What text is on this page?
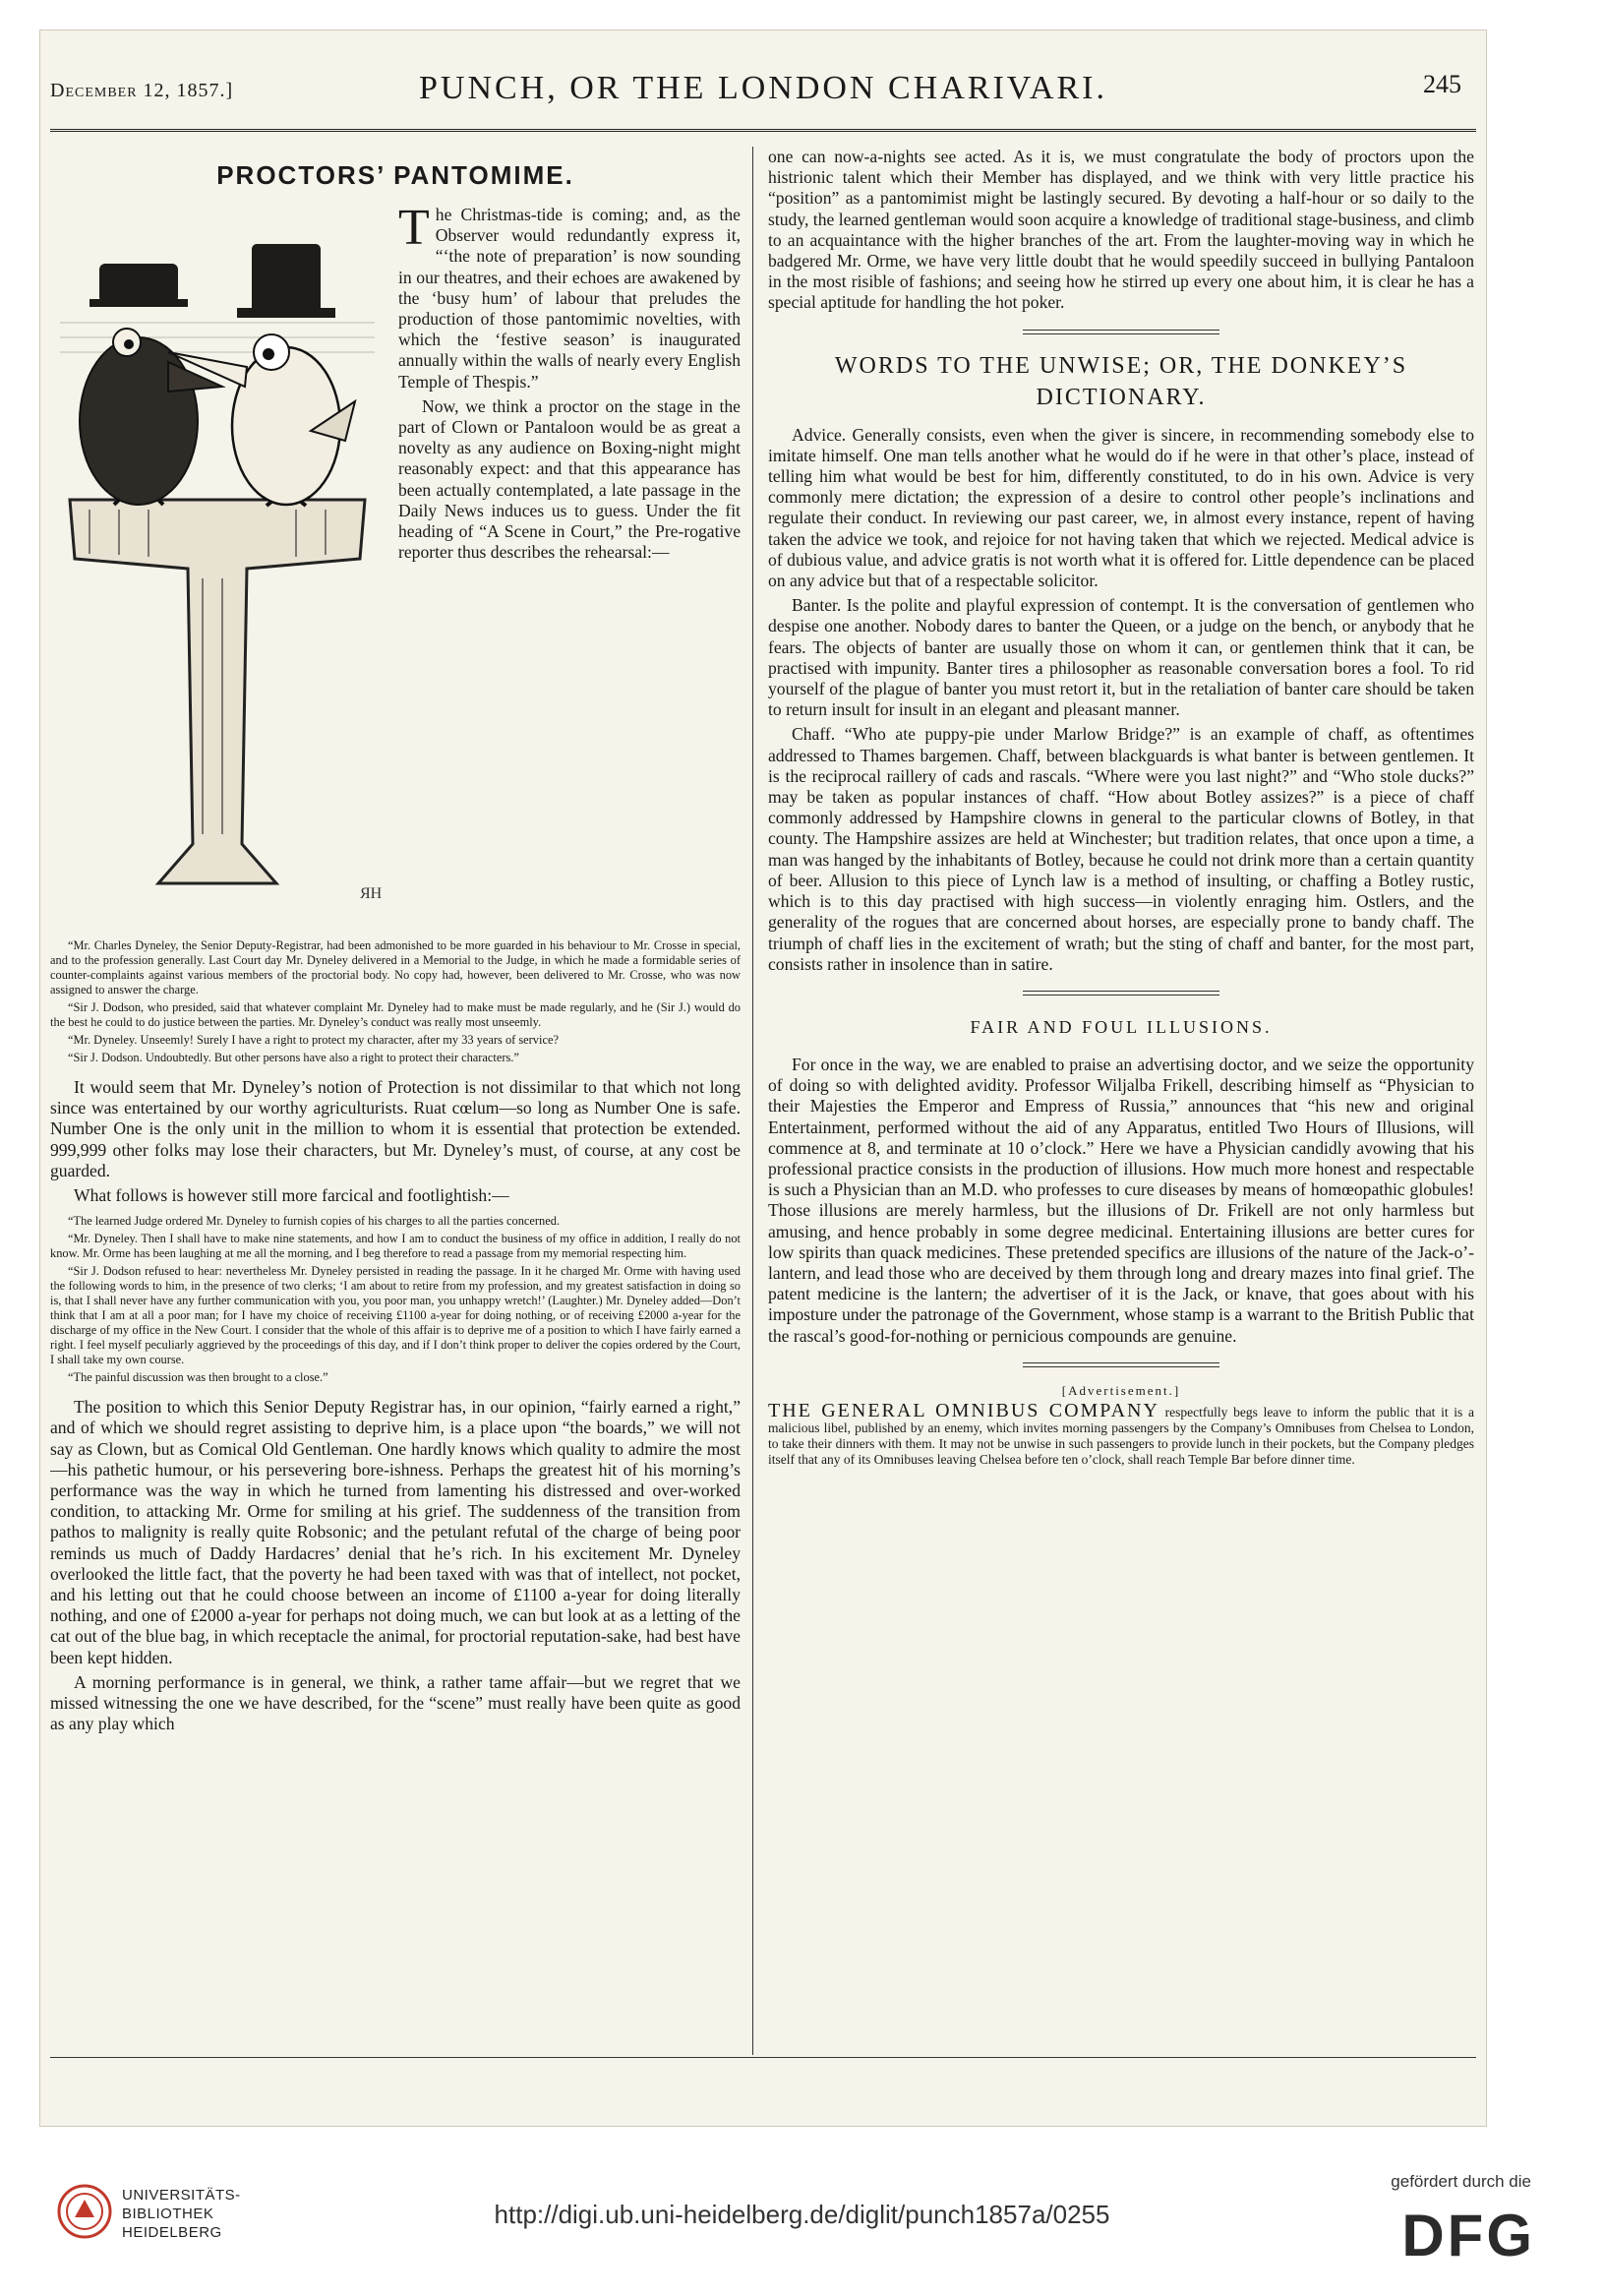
December 12, 1857.]	PUNCH, OR THE LONDON CHARIVARI.	245
PROCTORS’ PANTOMIME.
ЯH

The Christmas-tide is coming; and, as the Observer would redundantly express it, “‘the note of preparation’ is now sounding in our theatres, and their echoes are awakened by the ‘busy hum’ of labour that preludes the production of those pantomimic novelties, with which the ‘festive season’ is inaugurated annually within the walls of nearly every English Temple of Thespis.”

Now, we think a proctor on the stage in the part of Clown or Pantaloon would be as great a novelty as any audience on Boxing-night might reasonably expect: and that this appearance has been actually contemplated, a late passage in the Daily News induces us to guess. Under the fit heading of “A Scene in Court,” the Pre-rogative reporter thus describes the rehearsal:—

“Mr. Charles Dyneley, the Senior Deputy-Registrar, had been admonished to be more guarded in his behaviour to Mr. Crosse in special, and to the profession generally. Last Court day Mr. Dyneley delivered in a Memorial to the Judge, in which he made a formidable series of counter-complaints against various members of the proctorial body. No copy had, however, been delivered to Mr. Crosse, who was now assigned to answer the charge.

“Sir J. Dodson, who presided, said that whatever complaint Mr. Dyneley had to make must be made regularly, and he (Sir J.) would do the best he could to do justice between the parties. Mr. Dyneley’s conduct was really most unseemly.

“Mr. Dyneley. Unseemly! Surely I have a right to protect my character, after my 33 years of service?

“Sir J. Dodson. Undoubtedly. But other persons have also a right to protect their characters.”

It would seem that Mr. Dyneley’s notion of Protection is not dissimilar to that which not long since was entertained by our worthy agriculturists. Ruat cœlum—so long as Number One is safe. Number One is the only unit in the million to whom it is essential that protection be extended. 999,999 other folks may lose their characters, but Mr. Dyneley’s must, of course, at any cost be guarded.

What follows is however still more farcical and footlightish:—

“The learned Judge ordered Mr. Dyneley to furnish copies of his charges to all the parties concerned.

“Mr. Dyneley. Then I shall have to make nine statements, and how I am to conduct the business of my office in addition, I really do not know. Mr. Orme has been laughing at me all the morning, and I beg therefore to read a passage from my memorial respecting him.

“Sir J. Dodson refused to hear: nevertheless Mr. Dyneley persisted in reading the passage. In it he charged Mr. Orme with having used the following words to him, in the presence of two clerks; ‘I am about to retire from my profession, and my greatest satisfaction in doing so is, that I shall never have any further communication with you, you poor man, you unhappy wretch!’ (Laughter.) Mr. Dyneley added—Don’t think that I am at all a poor man; for I have my choice of receiving £1100 a-year for doing nothing, or of receiving £2000 a-year for the discharge of my office in the New Court. I consider that the whole of this affair is to deprive me of a position to which I have fairly earned a right. I feel myself peculiarly aggrieved by the proceedings of this day, and if I don’t think proper to deliver the copies ordered by the Court, I shall take my own course.

“The painful discussion was then brought to a close.”

The position to which this Senior Deputy Registrar has, in our opinion, “fairly earned a right,” and of which we should regret assisting to deprive him, is a place upon “the boards,” we will not say as Clown, but as Comical Old Gentleman. One hardly knows which quality to admire the most—his pathetic humour, or his persevering bore-ishness. Perhaps the greatest hit of his morning’s performance was the way in which he turned from lamenting his distressed and over-worked condition, to attacking Mr. Orme for smiling at his grief. The suddenness of the transition from pathos to malignity is really quite Robsonic; and the petulant refutal of the charge of being poor reminds us much of Daddy Hardacres’ denial that he’s rich. In his excitement Mr. Dyneley overlooked the little fact, that the poverty he had been taxed with was that of intellect, not pocket, and his letting out that he could choose between an income of £1100 a-year for doing literally nothing, and one of £2000 a-year for perhaps not doing much, we can but look at as a letting of the cat out of the blue bag, in which receptacle the animal, for proctorial reputation-sake, had best have been kept hidden.

A morning performance is in general, we think, a rather tame affair—but we regret that we missed witnessing the one we have described, for the “scene” must really have been quite as good as any play which

one can now-a-nights see acted. As it is, we must congratulate the body of proctors upon the histrionic talent which their Member has displayed, and we think with very little practice his “position” as a pantomimist might be lastingly secured. By devoting a half-hour or so daily to the study, the learned gentleman would soon acquire a knowledge of traditional stage-business, and climb to an acquaintance with the higher branches of the art. From the laughter-moving way in which he badgered Mr. Orme, we have very little doubt that he would speedily succeed in bullying Pantaloon in the most risible of fashions; and seeing how he stirred up every one about him, it is clear he has a special aptitude for handling the hot poker.

WORDS TO THE UNWISE; OR, THE DONKEY’S DICTIONARY.

Advice. Generally consists, even when the giver is sincere, in recommending somebody else to imitate himself. One man tells another what he would do if he were in that other’s place, instead of telling him what would be best for him, differently constituted, to do in his own. Advice is very commonly mere dictation; the expression of a desire to control other people’s inclinations and regulate their conduct. In reviewing our past career, we, in almost every instance, repent of having taken the advice we took, and rejoice for not having taken that which we rejected. Medical advice is of dubious value, and advice gratis is not worth what it is offered for. Little dependence can be placed on any advice but that of a respectable solicitor.

Banter. Is the polite and playful expression of contempt. It is the conversation of gentlemen who despise one another. Nobody dares to banter the Queen, or a judge on the bench, or anybody that he fears. The objects of banter are usually those on whom it can, or gentlemen think that it can, be practised with impunity. Banter tires a philosopher as reasonable conversation bores a fool. To rid yourself of the plague of banter you must retort it, but in the retaliation of banter care should be taken to return insult for insult in an elegant and pleasant manner.

Chaff. “Who ate puppy-pie under Marlow Bridge?” is an example of chaff, as oftentimes addressed to Thames bargemen. Chaff, between blackguards is what banter is between gentlemen. It is the reciprocal raillery of cads and rascals. “Where were you last night?” and “Who stole ducks?” may be taken as popular instances of chaff. “How about Botley assizes?” is a piece of chaff commonly addressed by Hampshire clowns in general to the particular clowns of Botley, in that county. The Hampshire assizes are held at Winchester; but tradition relates, that once upon a time, a man was hanged by the inhabitants of Botley, because he could not drink more than a certain quantity of beer. Allusion to this piece of Lynch law is a method of insulting, or chaffing a Botley rustic, which is to this day practised with high success—in violently enraging him. Ostlers, and the generality of the rogues that are concerned about horses, are especially prone to bandy chaff. The triumph of chaff lies in the excitement of wrath; but the sting of chaff and banter, for the most part, consists rather in insolence than in satire.

FAIR AND FOUL ILLUSIONS.

For once in the way, we are enabled to praise an advertising doctor, and we seize the opportunity of doing so with delighted avidity. Professor Wiljalba Frikell, describing himself as “Physician to their Majesties the Emperor and Empress of Russia,” announces that “his new and original Entertainment, performed without the aid of any Apparatus, entitled Two Hours of Illusions, will commence at 8, and terminate at 10 o’clock.” Here we have a Physician candidly avowing that his professional practice consists in the production of illusions. How much more honest and respectable is such a Physician than an M.D. who professes to cure diseases by means of homœopathic globules! Those illusions are merely harmless, but the illusions of Dr. Frikell are not only harmless but amusing, and hence probably in some degree medicinal. Entertaining illusions are better cures for low spirits than quack medicines. These pretended specifics are illusions of the nature of the Jack-o’-lantern, and lead those who are deceived by them through long and dreary mazes into final grief. The patent medicine is the lantern; the advertiser of it is the Jack, or knave, that goes about with his imposture under the patronage of the Government, whose stamp is a warrant to the British Public that the rascal’s good-for-nothing or pernicious compounds are genuine.

[Advertisement.]

THE GENERAL OMNIBUS COMPANY respectfully begs leave to inform the public that it is a malicious libel, published by an enemy, which invites morning passengers by the Company’s Omnibuses from Chelsea to London, to take their dinners with them. It may not be unwise in such passengers to provide lunch in their pockets, but the Company pledges itself that any of its Omnibuses leaving Chelsea before ten o’clock, shall reach Temple Bar before dinner time.

UNIVERSITÄTS-
BIBLIOTHEK
HEIDELBERG
http://digi.ub.uni-heidelberg.de/diglit/punch1857a/0255
gefördert durch die
DFG
